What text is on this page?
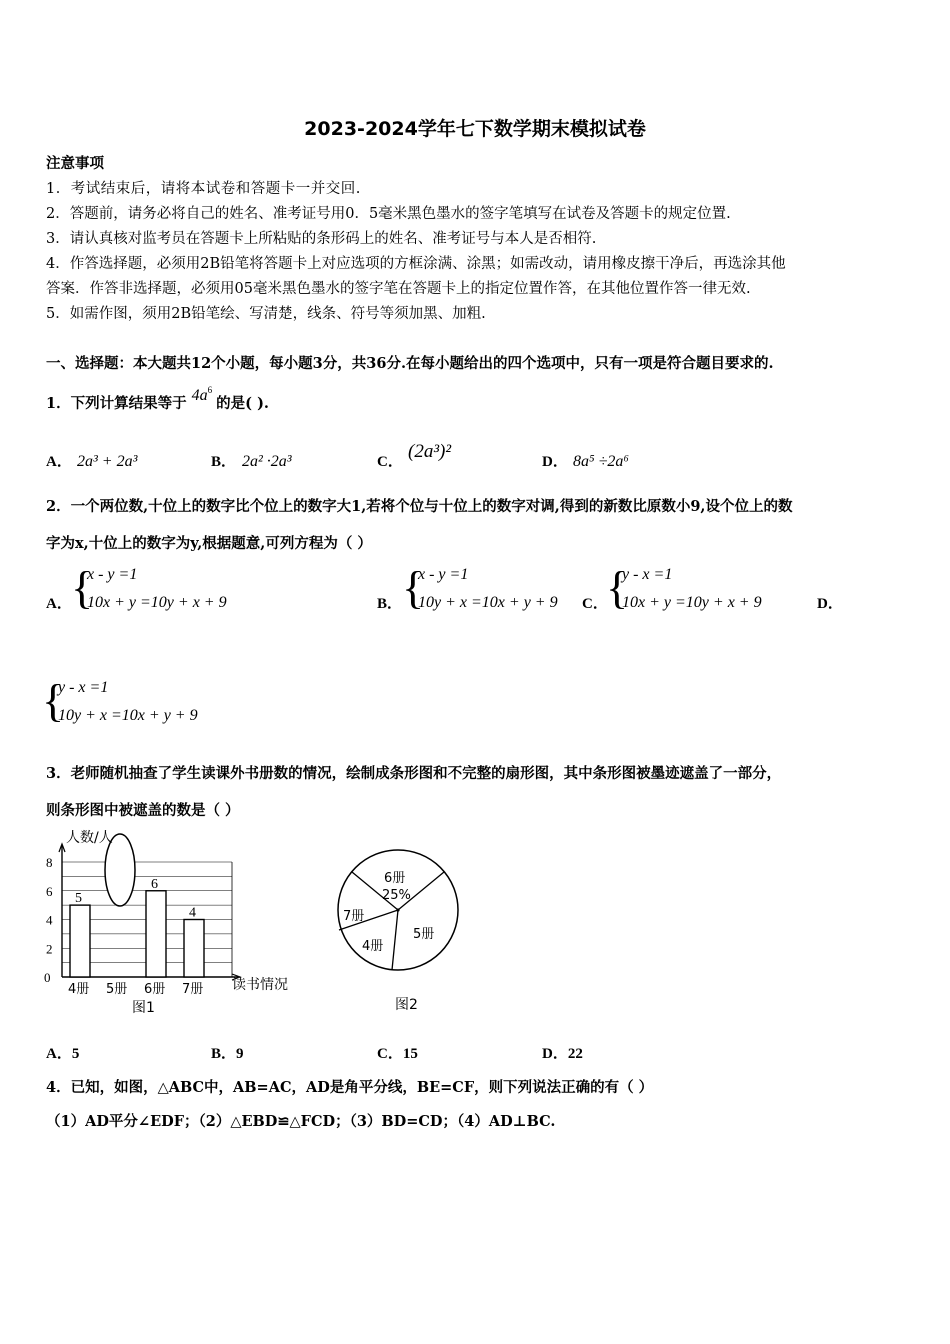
2023-2024学年七下数学期末模拟试卷
注意事项
1．考试结束后，请将本试卷和答题卡一并交回.
2．答题前，请务必将自己的姓名、准考证号用0．5毫米黑色墨水的签字笔填写在试卷及答题卡的规定位置.
3．请认真核对监考员在答题卡上所粘贴的条形码上的姓名、准考证号与本人是否相符.
4．作答选择题，必须用2B铅笔将答题卡上对应选项的方框涂满、涂黑；如需改动，请用橡皮擦干净后，再选涂其他
答案．作答非选择题，必须用05毫米黑色墨水的签字笔在答题卡上的指定位置作答，在其他位置作答一律无效.
5．如需作图，须用2B铅笔绘、写清楚，线条、符号等须加黑、加粗.
一、选择题：本大题共12个小题，每小题3分，共36分.在每小题给出的四个选项中，只有一项是符合题目要求的.
1．下列计算结果等于 $4a^6$ 的是( ).
A． 2a³ + 2a³	B． 2a² ·2a³	C． (2a³)²	D． 8a⁵ ÷2a⁶
2．一个两位数,十位上的数字比个位上的数字大1,若将个位与十位上的数字对调,得到的新数比原数小9,设个位上的数
字为x,十位上的数字为y,根据题意,可列方程为（ ）
A． {
x - y =1
10x + y =10y + x + 9	B． {
x - y =1
10y + x =10x + y + 9 C．
{
y - x =1
10x + y =10y + x + 9	D．
{
y - x =1
10y + x =10x + y + 9
3．老师随机抽查了学生读课外书册数的情况，绘制成条形图和不完整的扇形图，其中条形图被墨迹遮盖了一部分，
则条形图中被遮盖的数是（ ）
0
2
4
6
8
5
4册 5册
6
6册
4
7册
人数/人
读书情况
图1
6册
25%
5册
4册
7册
图2
A．5	B．9	C．15	D．22
4．已知，如图，△ABC中，AB=AC，AD是角平分线，BE=CF，则下列说法正确的有（ ）
（1）AD平分∠EDF；（2）△EBD≌△FCD；（3）BD=CD；（4）AD⊥BC.
